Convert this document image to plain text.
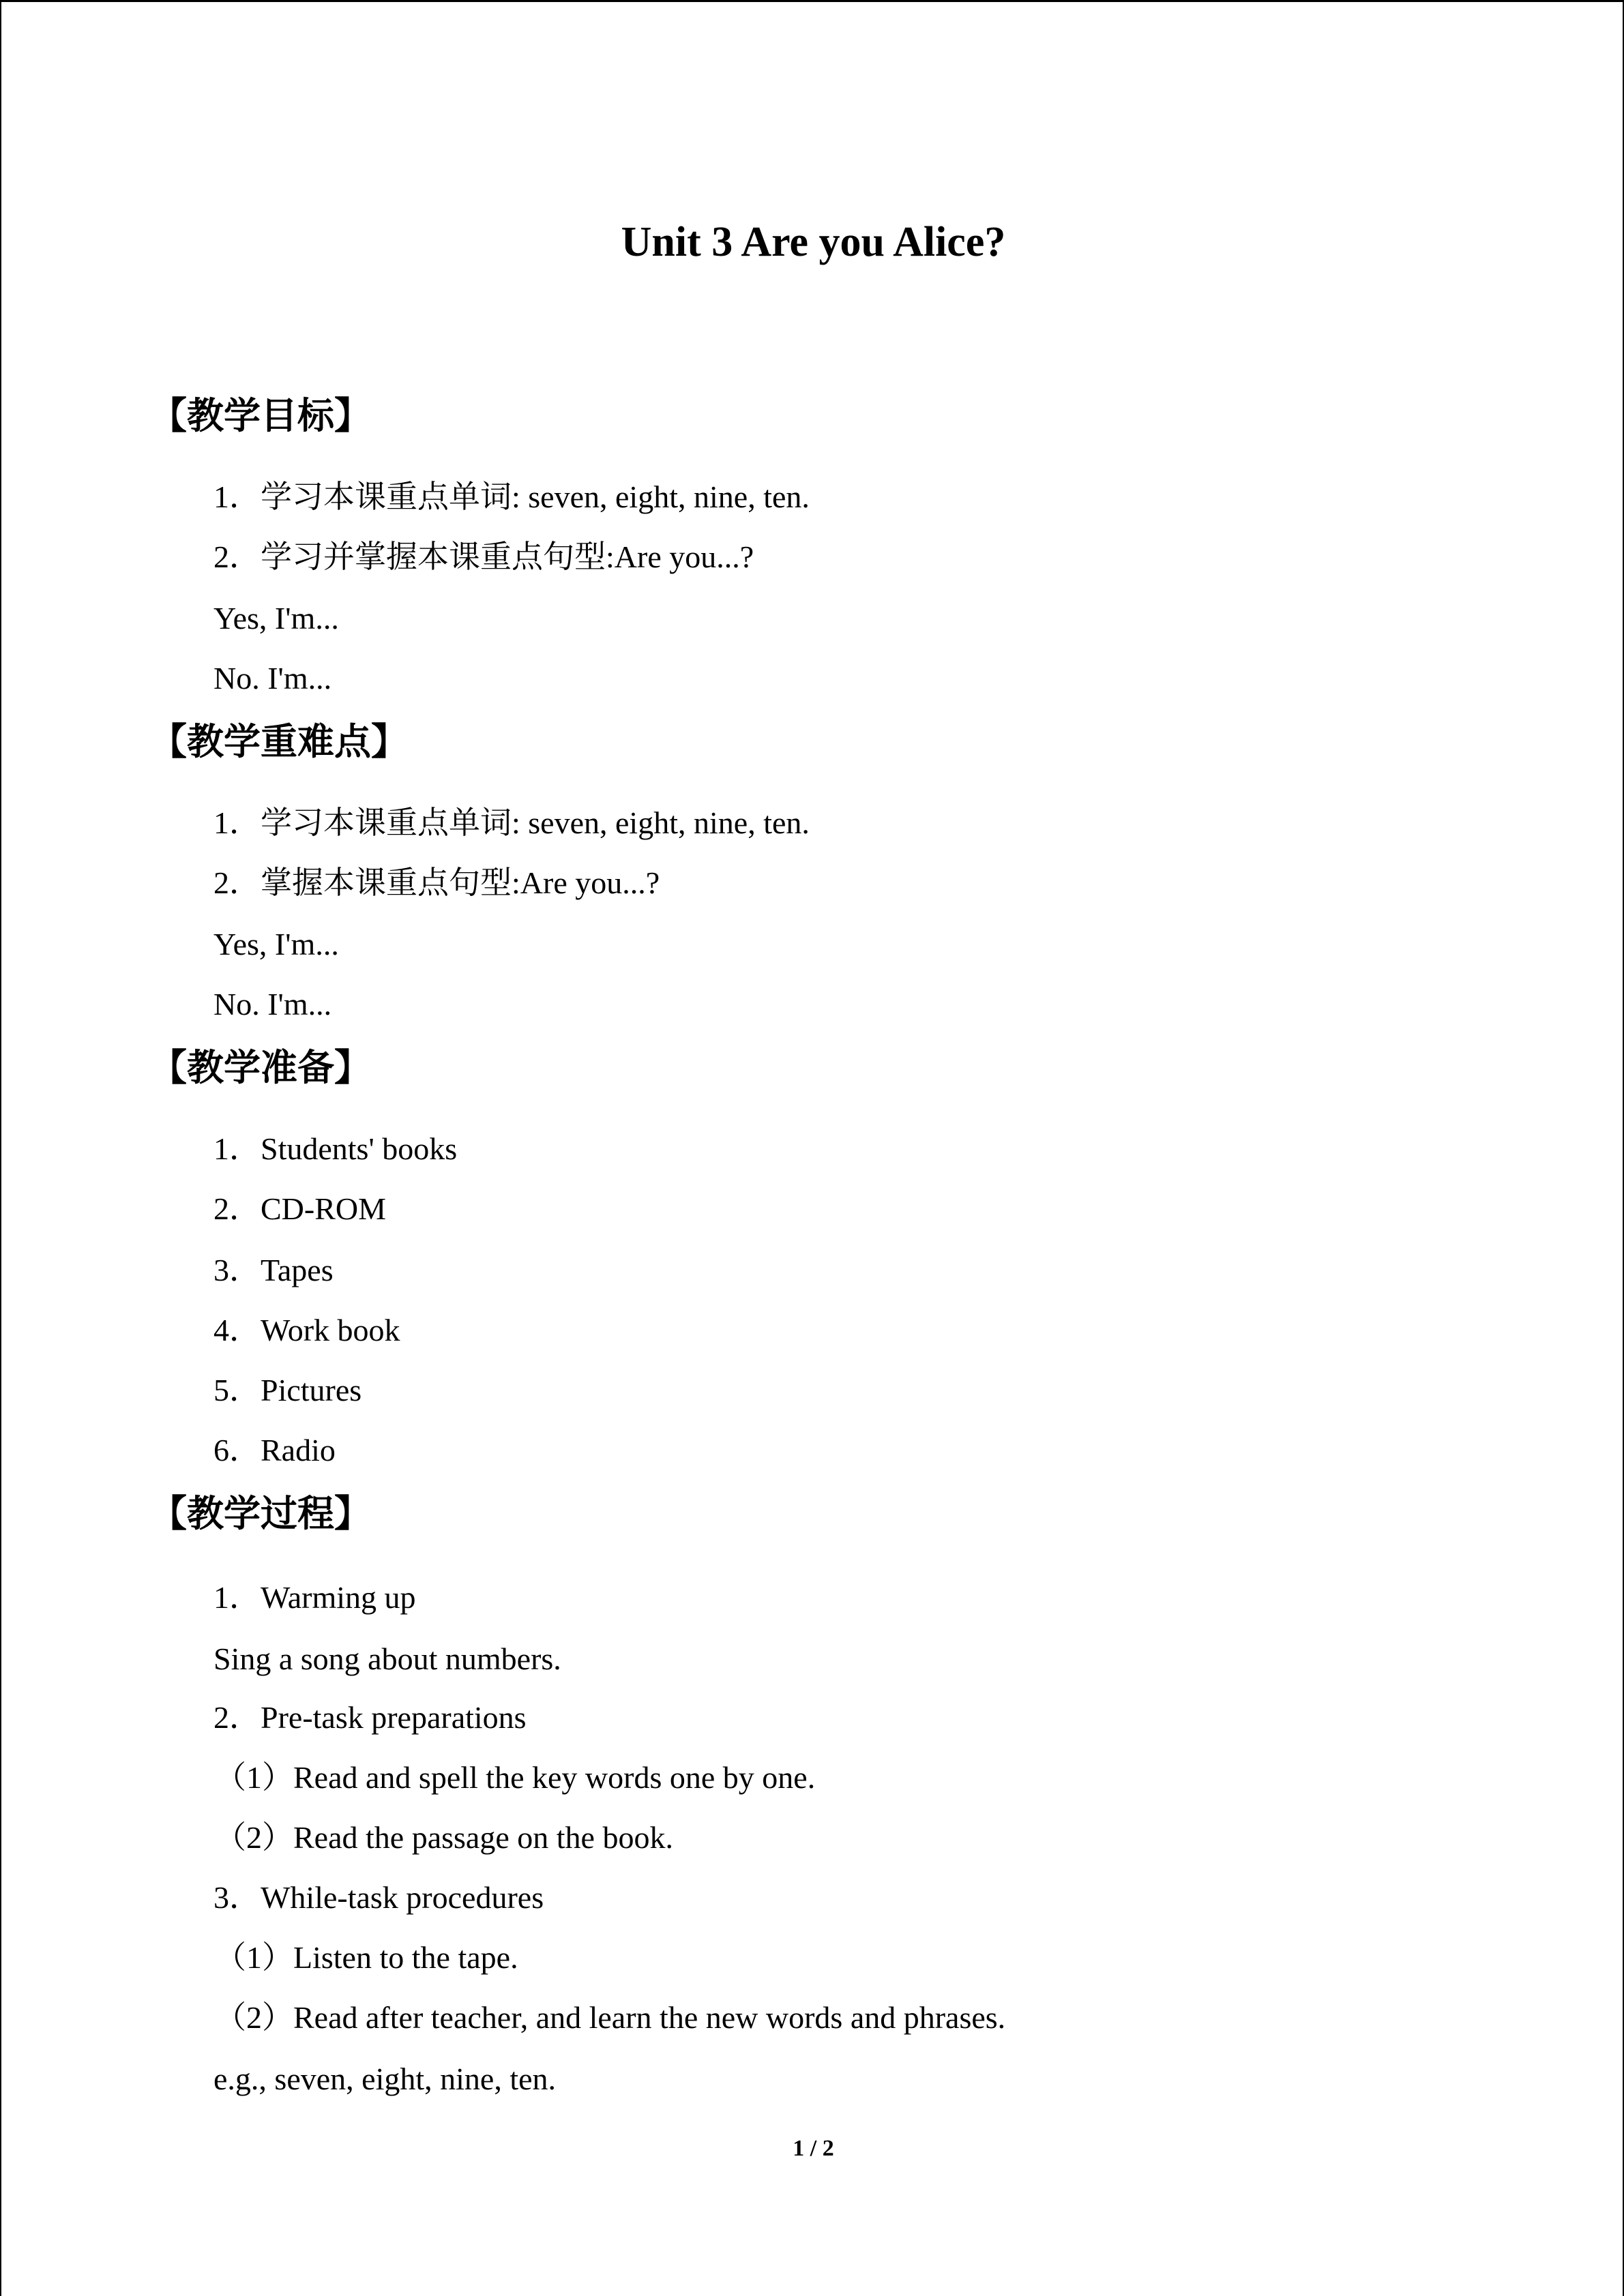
Unit 3 Are you Alice?
【教学目标】
1．学习本课重点单词: seven, eight, nine, ten.
2．学习并掌握本课重点句型:Are you...?
Yes, I'm...
No. I'm...
【教学重难点】
1．学习本课重点单词: seven, eight, nine, ten.
2．掌握本课重点句型:Are you...?
Yes, I'm...
No. I'm...
【教学准备】
1．Students' books
2．CD-ROM
3．Tapes
4．Work book
5．Pictures
6．Radio
【教学过程】
1．Warming up
Sing a song about numbers.
2．Pre-task preparations
（1）Read and spell the key words one by one.
（2）Read the passage on the book.
3．While-task procedures
（1）Listen to the tape.
（2）Read after teacher, and learn the new words and phrases.
e.g., seven, eight, nine, ten.
1 / 2
